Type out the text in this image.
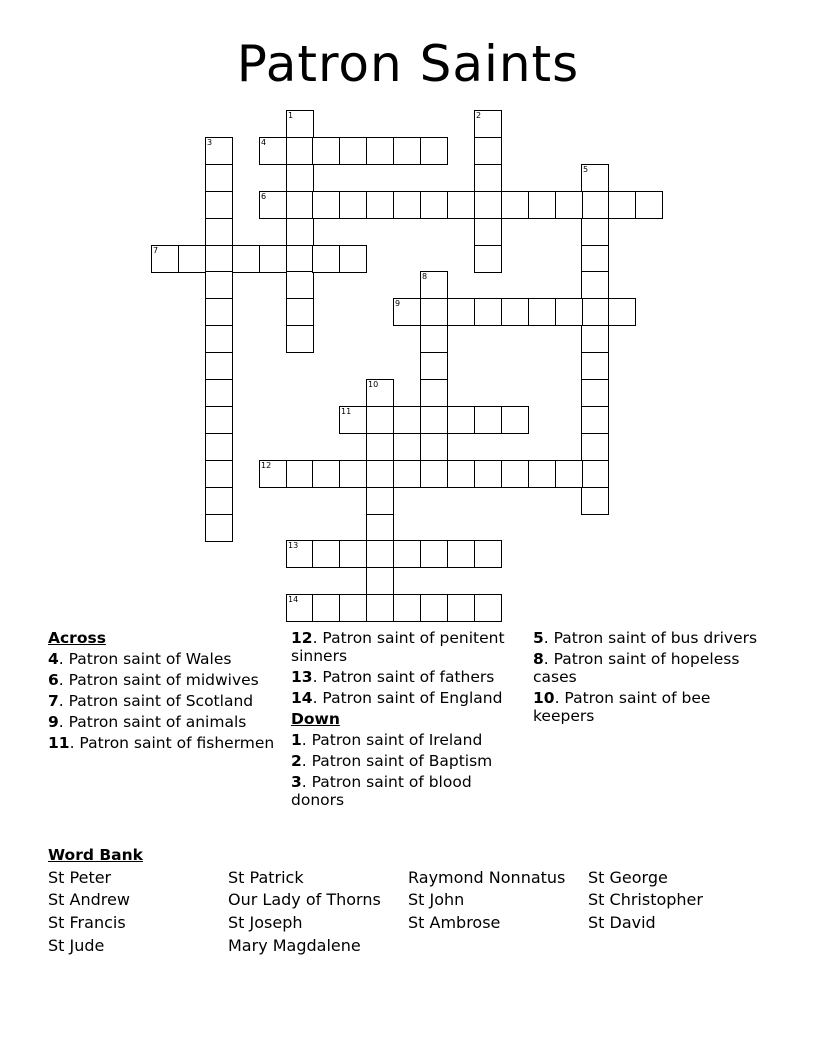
Patron Saints
1	2
3	4
5
6
7
8
9
10
11
12
13
14
Across
4. Patron saint of Wales
6. Patron saint of midwives
7. Patron saint of Scotland
9. Patron saint of animals
11. Patron saint of fishermen
12. Patron saint of penitent sinners
13. Patron saint of fathers
14. Patron saint of England
Down
1. Patron saint of Ireland
2. Patron saint of Baptism
3. Patron saint of blood donors
5. Patron saint of bus drivers
8. Patron saint of hopeless cases
10. Patron saint of bee keepers
Word Bank
St Peter
St Andrew
St Francis
St Jude
St Patrick
Our Lady of Thorns
St Joseph
Mary Magdalene
Raymond Nonnatus
St John
St Ambrose
St George
St Christopher
St David
